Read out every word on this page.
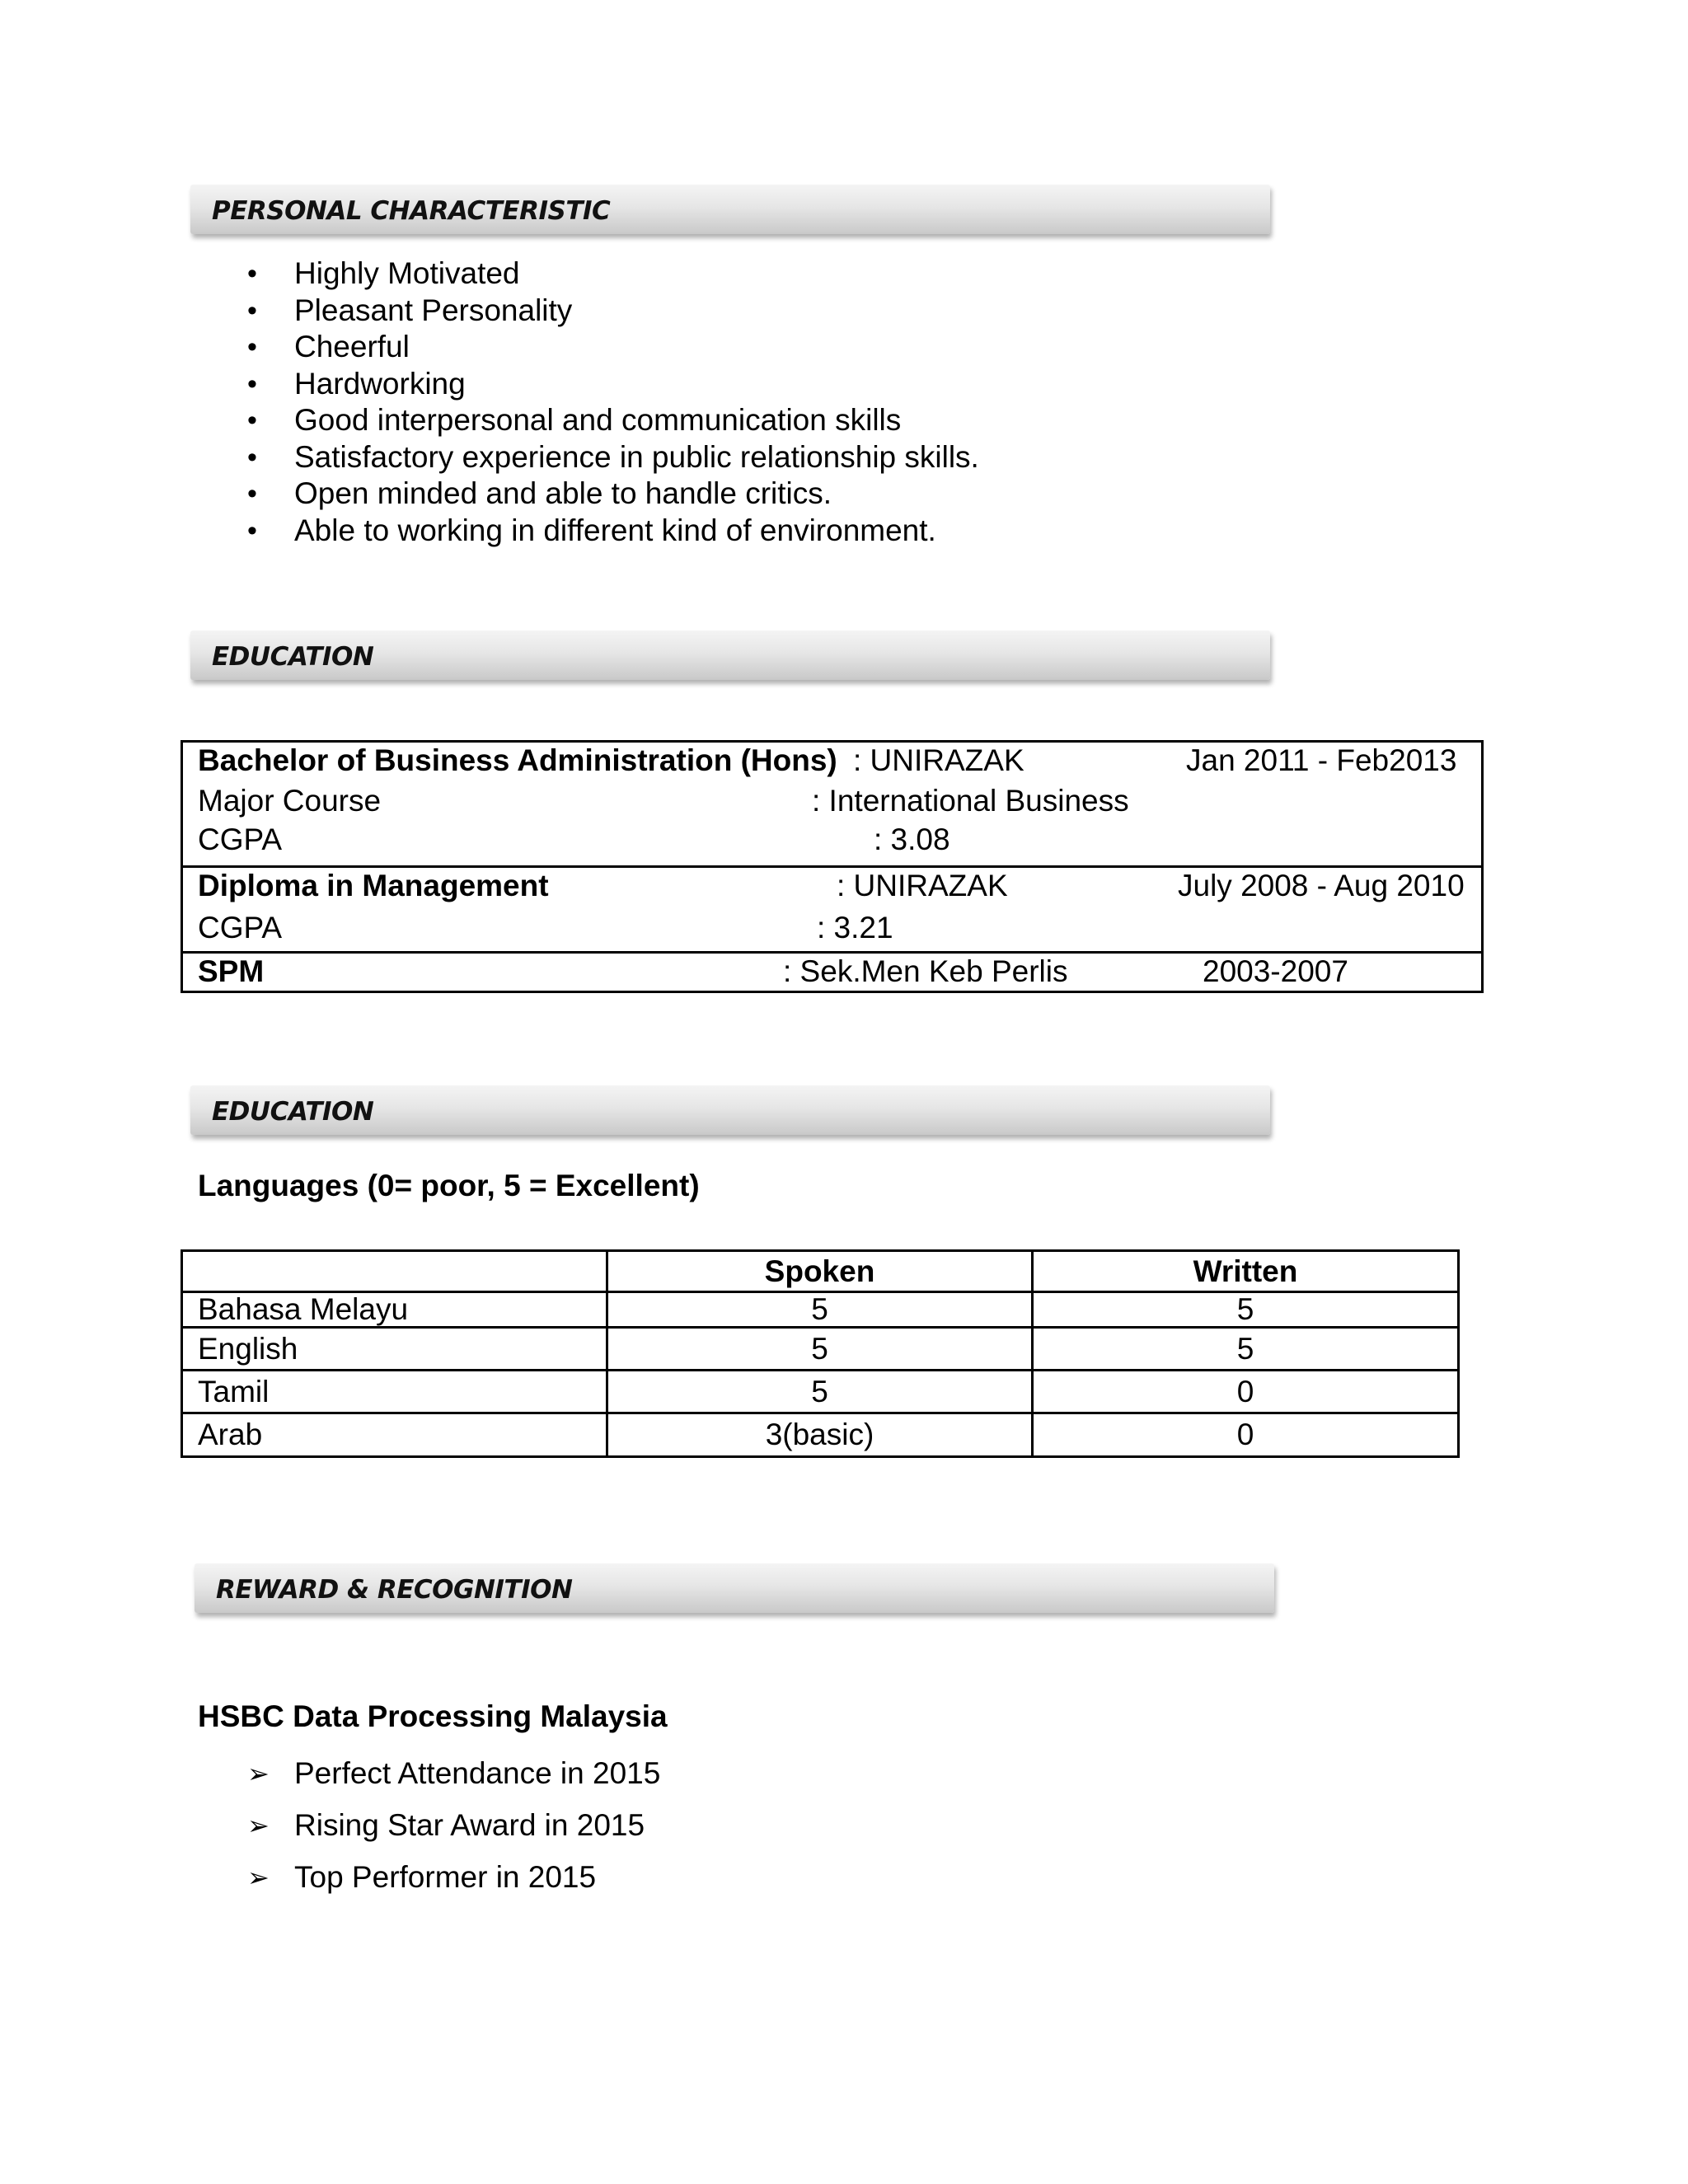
PERSONAL CHARACTERISTIC
• Highly Motivated
• Pleasant Personality
• Cheerful
• Hardworking
• Good interpersonal and communication skills
• Satisfactory experience in public relationship skills.
• Open minded and able to handle critics.
• Able to working in different kind of environment.
EDUCATION
Bachelor of Business Administration (Hons) : UNIRAZAK	Jan 2011 - Feb2013
Major Course	: International Business
CGPA	: 3.08
Diploma in Management	: UNIRAZAK	July 2008 - Aug 2010
CGPA	: 3.21
SPM	: Sek.Men Keb Perlis	2003-2007
EDUCATION
Languages (0= poor, 5 = Excellent)
	Spoken	Written
Bahasa Melayu	5	5
English	5	5
Tamil	5	0
Arab	3(basic)	0
REWARD & RECOGNITION
HSBC Data Processing Malaysia
➢ Perfect Attendance in 2015
➢ Rising Star Award in 2015
➢ Top Performer in 2015
